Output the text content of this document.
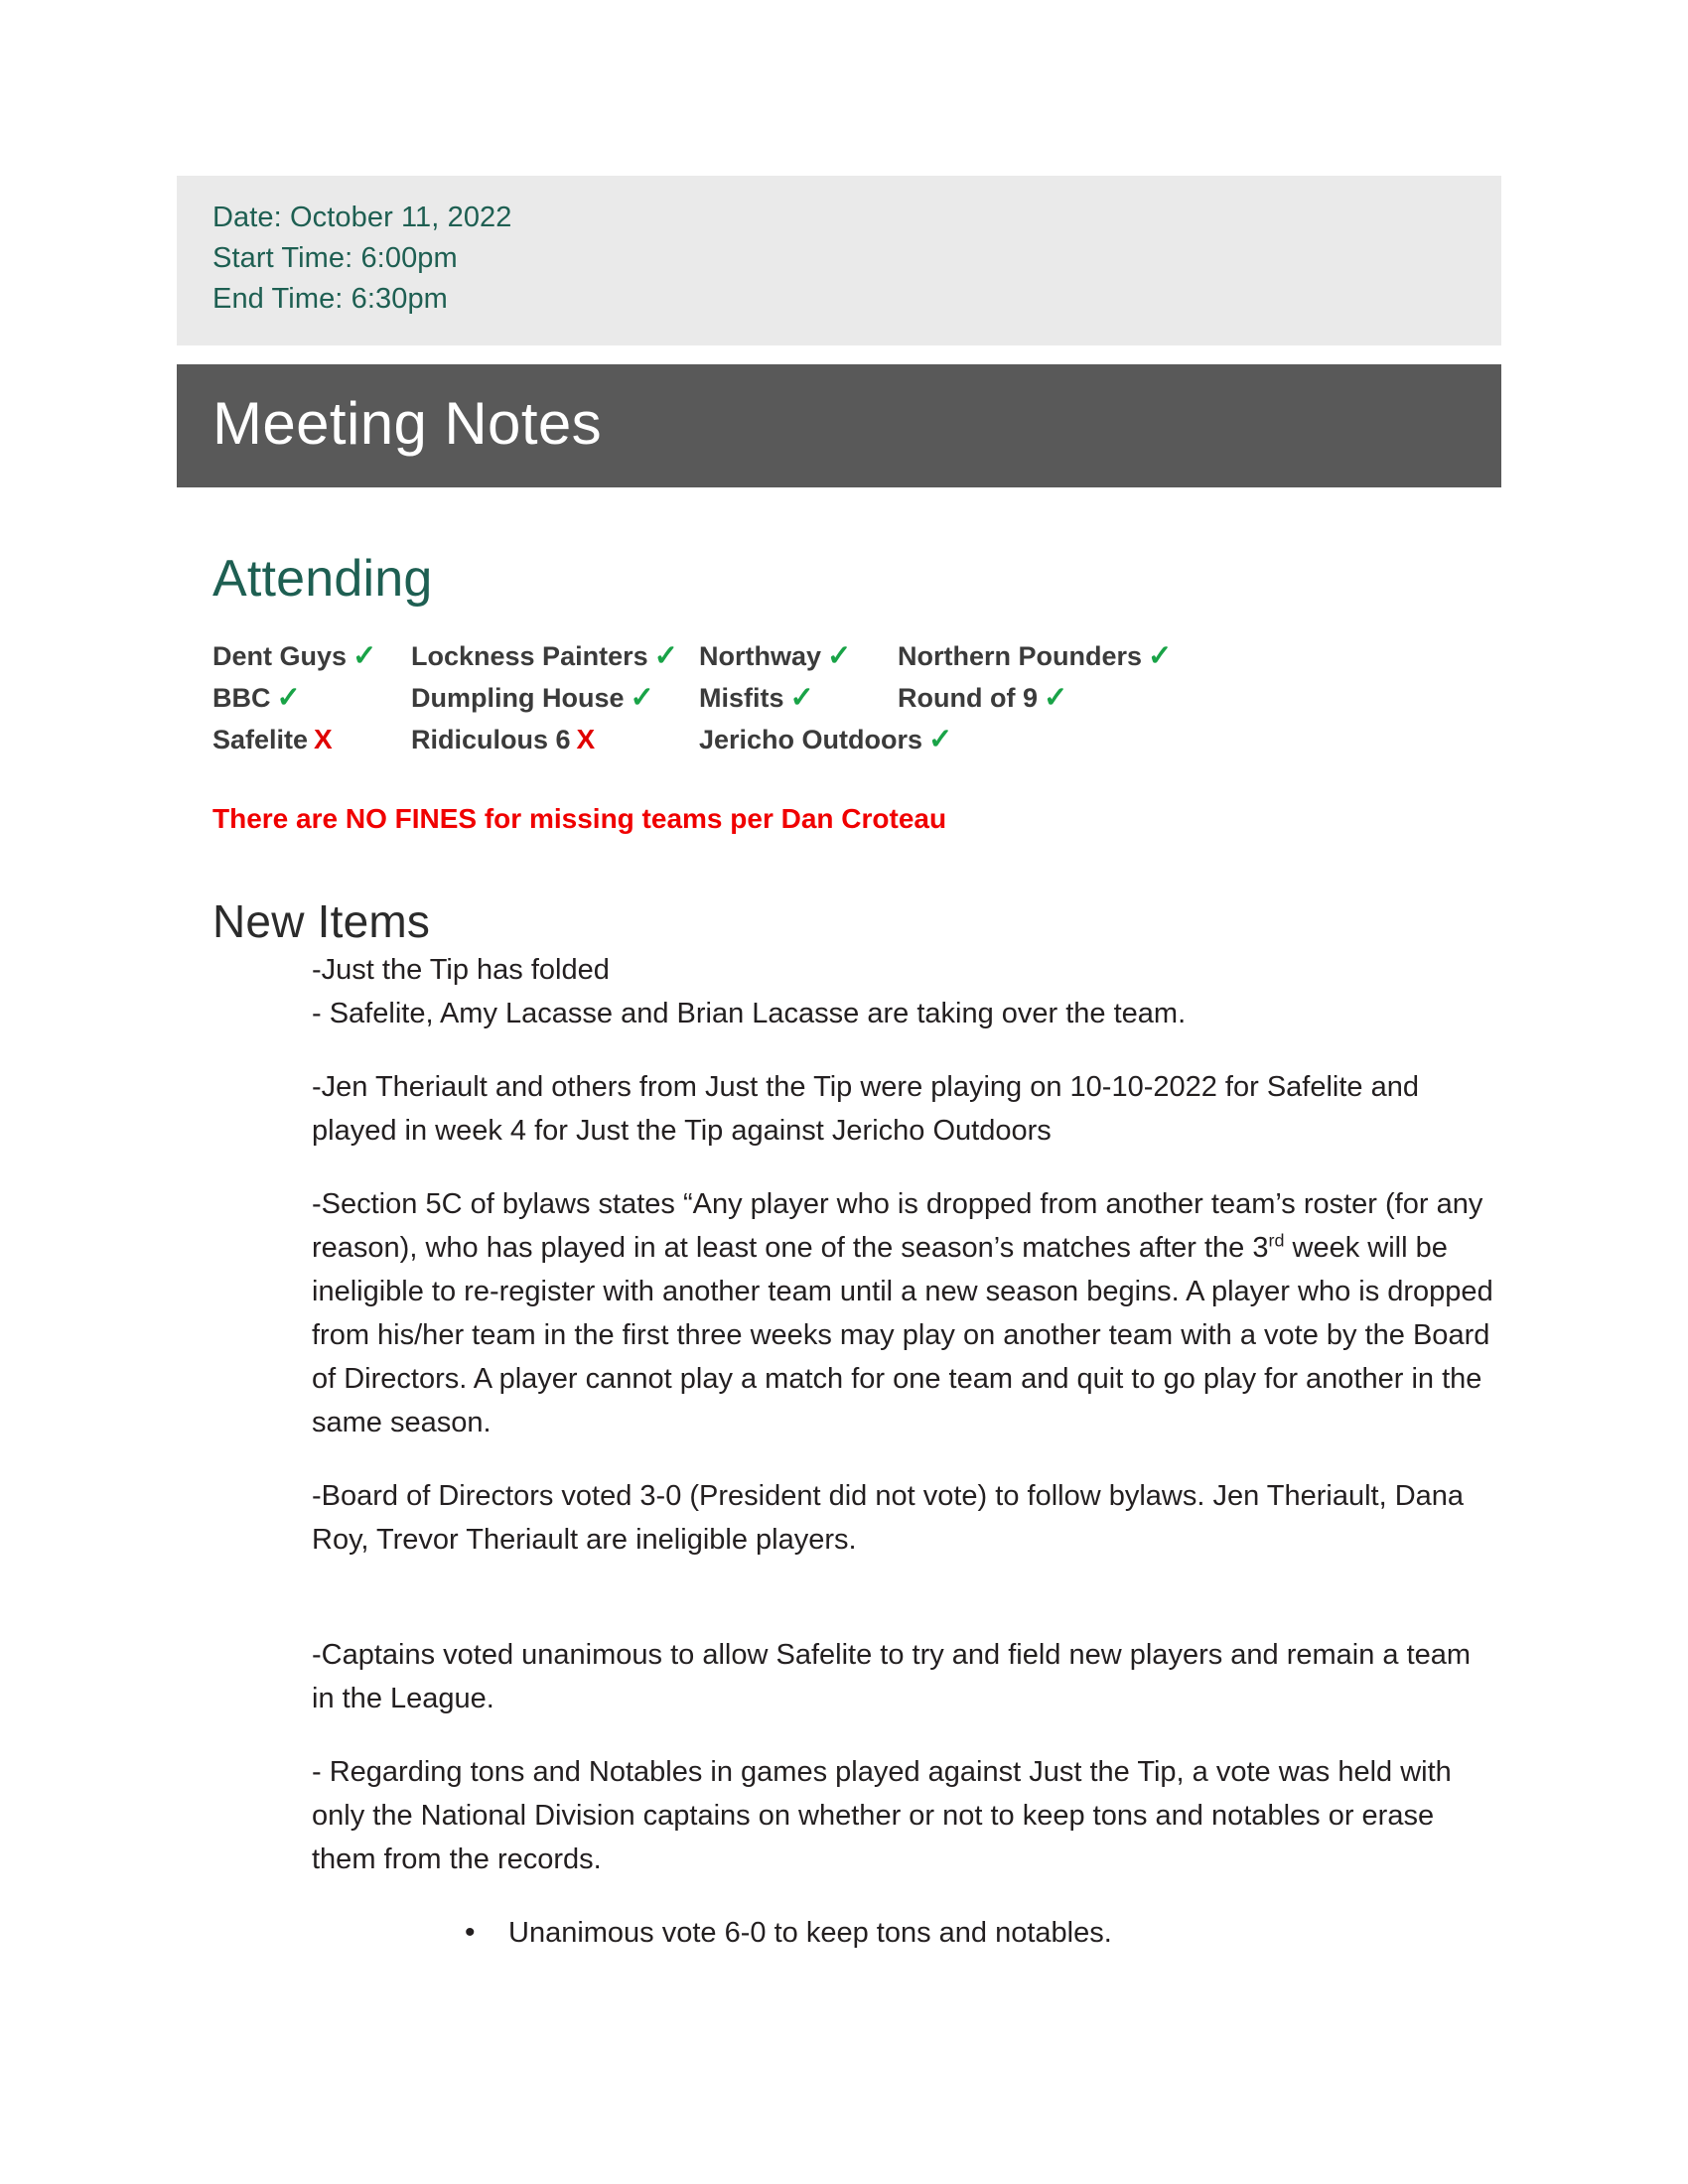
Date: October 11, 2022
Start Time: 6:00pm
End Time: 6:30pm
Meeting Notes
Attending
Dent Guys ✓	Lockness Painters ✓ Northway ✓	Northern Pounders ✓
BBC ✓	Dumpling House ✓	Misfits ✓	Round of 9 ✓
Safelite X	Ridiculous 6 X	Jericho Outdoors ✓
There are NO FINES for missing teams per Dan Croteau
New Items

-Just the Tip has folded

- Safelite, Amy Lacasse and Brian Lacasse are taking over the team.

-Jen Theriault and others from Just the Tip were playing on 10-10-2022 for Safelite and played in week 4 for Just the Tip against Jericho Outdoors

-Section 5C of bylaws states “Any player who is dropped from another team’s roster (for any reason), who has played in at least one of the season’s matches after the 3rd week will be ineligible to re-register with another team until a new season begins. A player who is dropped from his/her team in the first three weeks may play on another team with a vote by the Board of Directors. A player cannot play a match for one team and quit to go play for another in the same season.

-Board of Directors voted 3-0 (President did not vote) to follow bylaws. Jen Theriault, Dana Roy, Trevor Theriault are ineligible players.

-Captains voted unanimous to allow Safelite to try and field new players and remain a team in the League.

- Regarding tons and Notables in games played against Just the Tip, a vote was held with only the National Division captains on whether or not to keep tons and notables or erase them from the records.

•	Unanimous vote 6-0 to keep tons and notables.
